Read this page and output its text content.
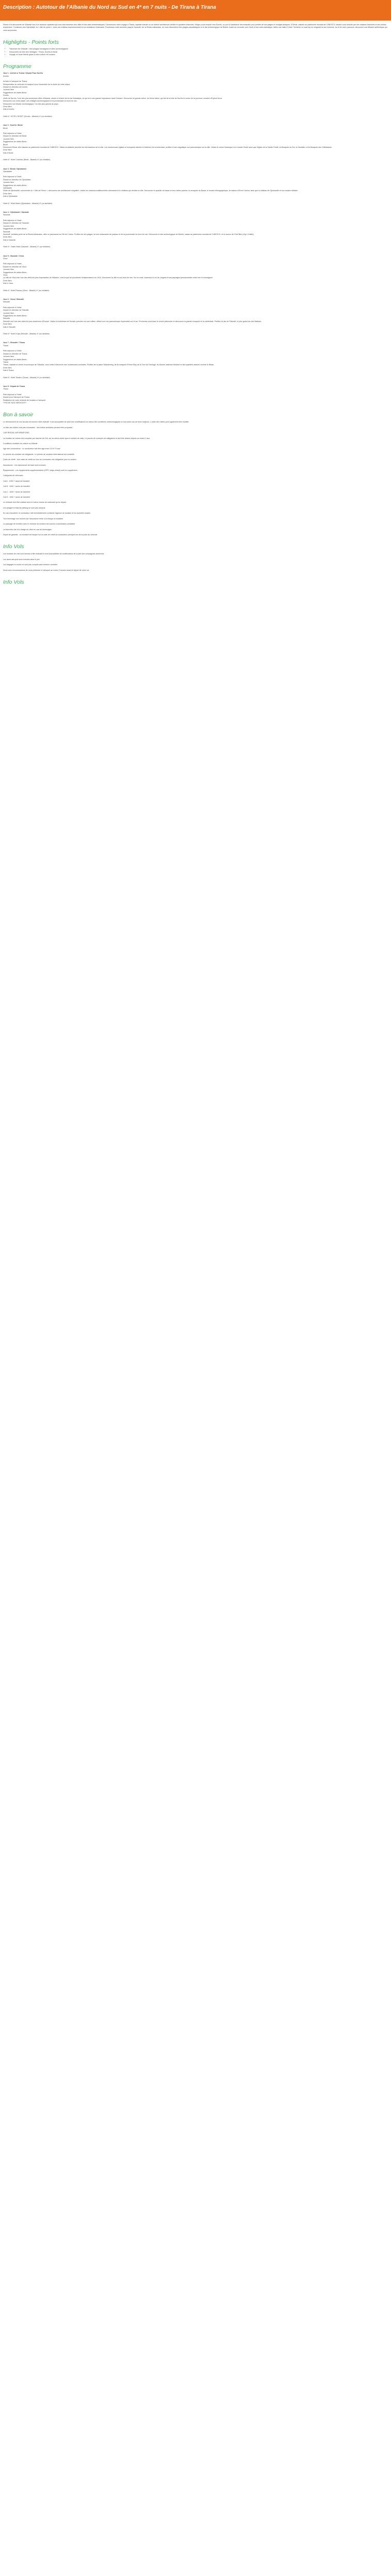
Description : Autotour de l'Albanie du Nord au Sud en 4* en 7 nuits - De Tirana à Tirana

Partez à la découverte de l'Albanie lors d'un autotour captivant qui vous fera traverser des villes et des sites emblématiques. Commencez votre voyage à Tirana, capitale animée où se mêlent architecture héritée et quartiers branchés. Dirigez-vous ensuite vers Durrës, un port à l'ambiance décontractée pour profiter de ses plages et vestiges antiques. À Berat, classée au patrimoine mondial de l'UNESCO, laissez-vous séduire par ses maisons blanches et ses ruelles empierrées. Continuez vers Gjirokastër, la « ville de pierre », avec son château impressionnant et son ambiance charmante. Poursuivez votre aventure jusqu'à Sarandë, sur la Riviera albanaise, où vous découvrirez des plages paradisiaques et le site archéologique de Butrint. Avant de remonter vers Vlorë et ses côtes Adriatique, faites une halte à Vlorë. Terminez ce road trip en longeant la mer Ionienne. Au fil de votre parcours, découvrez une Albanie authentique qui vous surprendra.

Highlights - Points forts
• Traversée de l'Albanie : mini-pliages montagnes et sites archéologiques
• Découverte de bien des héritages : Tirana, Durrës et Berat
• Voyage en toute liberté grâce à votre voiture de location
Programme

Jour 1 : Arrivée à Tirana / Départ Pour Durrës

Durrës

Arrivée à l'aéroport de Tirana.

Récupération du véhicule et transport pour l'ensemble de la durée de votre séjour.

Départ en direction de Durrës.

Journée libre.

Suggestions de visites libres :

Durrës

Visite de Durrës, l'une des plus anciennes villes d'Albanie, située à l'entrée de la mer Adriatique, ce qui lui a une grande importance dans l'histoire. Découvrez la grande arène, du IIème siècle, qui fait de la ville de Durrës le centre de la province romaine d'Epirus Nova.

Découvrez son riche passé, ses vestiges archéologiques et la promenade du front de mer.

Découvrez son Musée archéologique, l'un des plus grands du pays.

Dîner libre.

Nuit à Durrës.

Hôtel 4*: HOTEL ROZET (Durrës - Albanie) 4* (ou similaire)

Jour 2 : Durrës / Berat

Berat

Petit déjeuner à l'hôtel.

Départ en direction de Berat.

Journée libre.

Suggestions de visites libres :

Berat

Découvrez Berat, ville classée au patrimoine mondial de l'UNESCO. Visitez la citadelle perchée sur les hauteurs de la ville. Les nombreuses églises et mosquées situées à l'intérieur de la forteresse, profitez d'une magnifique vue panoramique sur la ville. Visitez le centre historique et le musée Onufri ainsi que l'église de la Sainte-Trinité, la Mosquée du Roi, la Sandaku, et la Mosquée des Célibataires.

Dîner libre.

Nuit à Berat.

Hôtel 4*: Hotel Colombo (Berat - Albanie) 4* (ou similaire)

Jour 3 : Berat / Gjirokaster

Gjirokaster

Petit déjeuner à l'hôtel.

Départ en direction de Gjirokaster.

Journée libre.

Suggestions de visites libres :

Gjirokaster

Visite de Gjirokastër, surnommée la « Ville de Pierre », découvrez son architecture singulière, visitez les maisons traditionnelles ottomanes et le château qui domine la ville. Découvrez le quartier du bazar et ses ruelles pavées, la mosquée du Bazar, le musée ethnographique, la maison d'Enver Hoxha, ainsi que le château de Gjirokastër et son musée militaire.

Dîner libre.

Nuit à Gjirokaster.

Hôtel 4*: Hôtel Bineri (Gjirokaster - Albanie) 4* (ou similaire)

Jour 4 : Gjirokaster / Sarande

Sarande

Petit déjeuner à l'hôtel.

Départ en direction de Sarande.

Journée libre.

Suggestions de visites libres :

Sarande

Sarandë, véritable perle de la Riviera Albanaise, offre un panorama sur l'île de Corfou. Profitez de ses plages, de ses restaurants de poisson et de la promenade du bord de mer. Découvrez le site archéologique de Butrint, classé au patrimoine mondial de l'UNESCO, et la source de l'Oeil Bleu (Syri i Kaltër).

Dîner libre.

Nuit à Sarande.

Hôtel 4*: Oasis Hotel (Sarande - Albanie) 4* (ou similaire)

Jour 5 : Sarande / Vlora

Vlora

Petit déjeuner à l'hôtel.

Départ en direction de Vlora.

Journée libre.

Suggestions de visites libres :

Vlora

La ville de Vlora est l'une des villes les plus importantes de l'Albanie, c'est là que fut proclamée l'indépendance en 1912. Découvrez la ville et son bord de mer. Sur la route, traversez le col de Llogara et ses paysages spectaculaires entre mer et montagnes.

Dîner libre.

Nuit à Vlora.

Hôtel 4*: Hotel Picasso (Vlora - Albanie) 4* (ou similaire)

Jour 6 : Vlora / Shkodër

Shkodër

Petit déjeuner à l'hôtel.

Départ en direction de Shkodër.

Journée libre.

Suggestions de visites libres :

Shkodër

Shkodër est l'une des villes les plus anciennes d'Europe. Visitez la forteresse de Rozafa, perchée sur une colline, offrant une vue panoramique imprenable sur le lac. Promenez-vous dans le centre piétonnier et découvrez la grande mosquée et la cathédrale. Profitez du lac de Shkodër, le plus grand lac des Balkans.

Dîner libre.

Nuit à Shkodër.

Hôtel 4*: Hotel Kruja (Shkodër - Albanie) 4* (ou similaire)

Jour 7 : Shkodër / Tirana

Tirana

Petit déjeuner à l'hôtel.

Départ en direction de Tirana.

Journée libre.

Suggestions de visites libres :

Tirana

Tirana, capitale et centre économique de l'Albanie, vous invite à découvrir ses nombreuses curiosités. Profitez de la place Skanderbeg, de la mosquée Et'hem Bey, de la Tour de l'Horloge, du Musée national d'histoire et des quartiers animés comme le Blloku.

Dîner libre.

Nuit à Tirana.

Hôtel 4*: Hotel Theatro (Tirana - Albanie) 4* (ou similaire)

Jour 8 : Départ de Tirana

Tirana

Petit déjeuner à l'hôtel.

Départ pour l'aéroport de Tirana.

Restitution de votre véhicule de location à l'aéroport.

**FIN DE NOS SERVICES**

Bon à savoir

Le déroulement de nos circuits est donné à titre indicatif. Il est susceptible de subir des modifications en raison des conditions météorologiques ou tout autre cas de force majeure. L'ordre des visites peut également être modifié.

La liste des hôtels n'est pas exhaustive : des hôtels similaires peuvent être proposés.

CAR RENTAL INFORMATIONS

La location de voiture est comprise par tranche de 24h, sur la même durée que le nombre de nuits. Le permis de conduire est obligatoire et doit être détenu depuis au moins 2 ans.

Conditions locatives du voiture en Albanie :

Age des conducteurs : Le conducteur doit être âgé entre 23 et 70 ans.

Le permis de conduire est obligatoire. Le permis de conduire international est conseillé.

Carte de crédit : Une carte de crédit au nom du conducteur est obligatoire pour la caution.

Assurances : Les assurances de base sont incluses.

Équipements : Les équipements supplémentaires (GPS, siège enfant) sont en supplément.

Catégories de véhicules :

Cat A : 1000 + taxes de transfert

Cat B : 1000 + taxes de transfert

Cat C : 1000 + taxes de transfert

Cat D : 1000 + taxes de transfert

Le véhicule doit être restitué avec le même niveau de carburant qu'au départ.

Les péages et frais de parking ne sont pas compris.

En cas d'accident, le conducteur doit immédiatement contacter l'agence de location et les autorités locales.

Tout dommage non couvert par l'assurance reste à la charge du locataire.

Le passage de frontière avec le véhicule de location est soumis à autorisation préalable.

La franchise est à la charge du client en cas de dommages.

Dépôt de garantie : un montant est bloqué sur la carte de crédit du conducteur principal lors de la prise du véhicule.

Info Vols

Les horaires de vols sont donnés à titre indicatif et sont susceptibles de modifications de la part des compagnies aériennes.

Les taxes aéroport sont incluses dans le prix.

Les bagages en soute ne sont pas compris sauf mention contraire.

Nous vous recommandons de vous présenter à l'aéroport au moins 2 heures avant le départ de votre vol.

Info Vols
